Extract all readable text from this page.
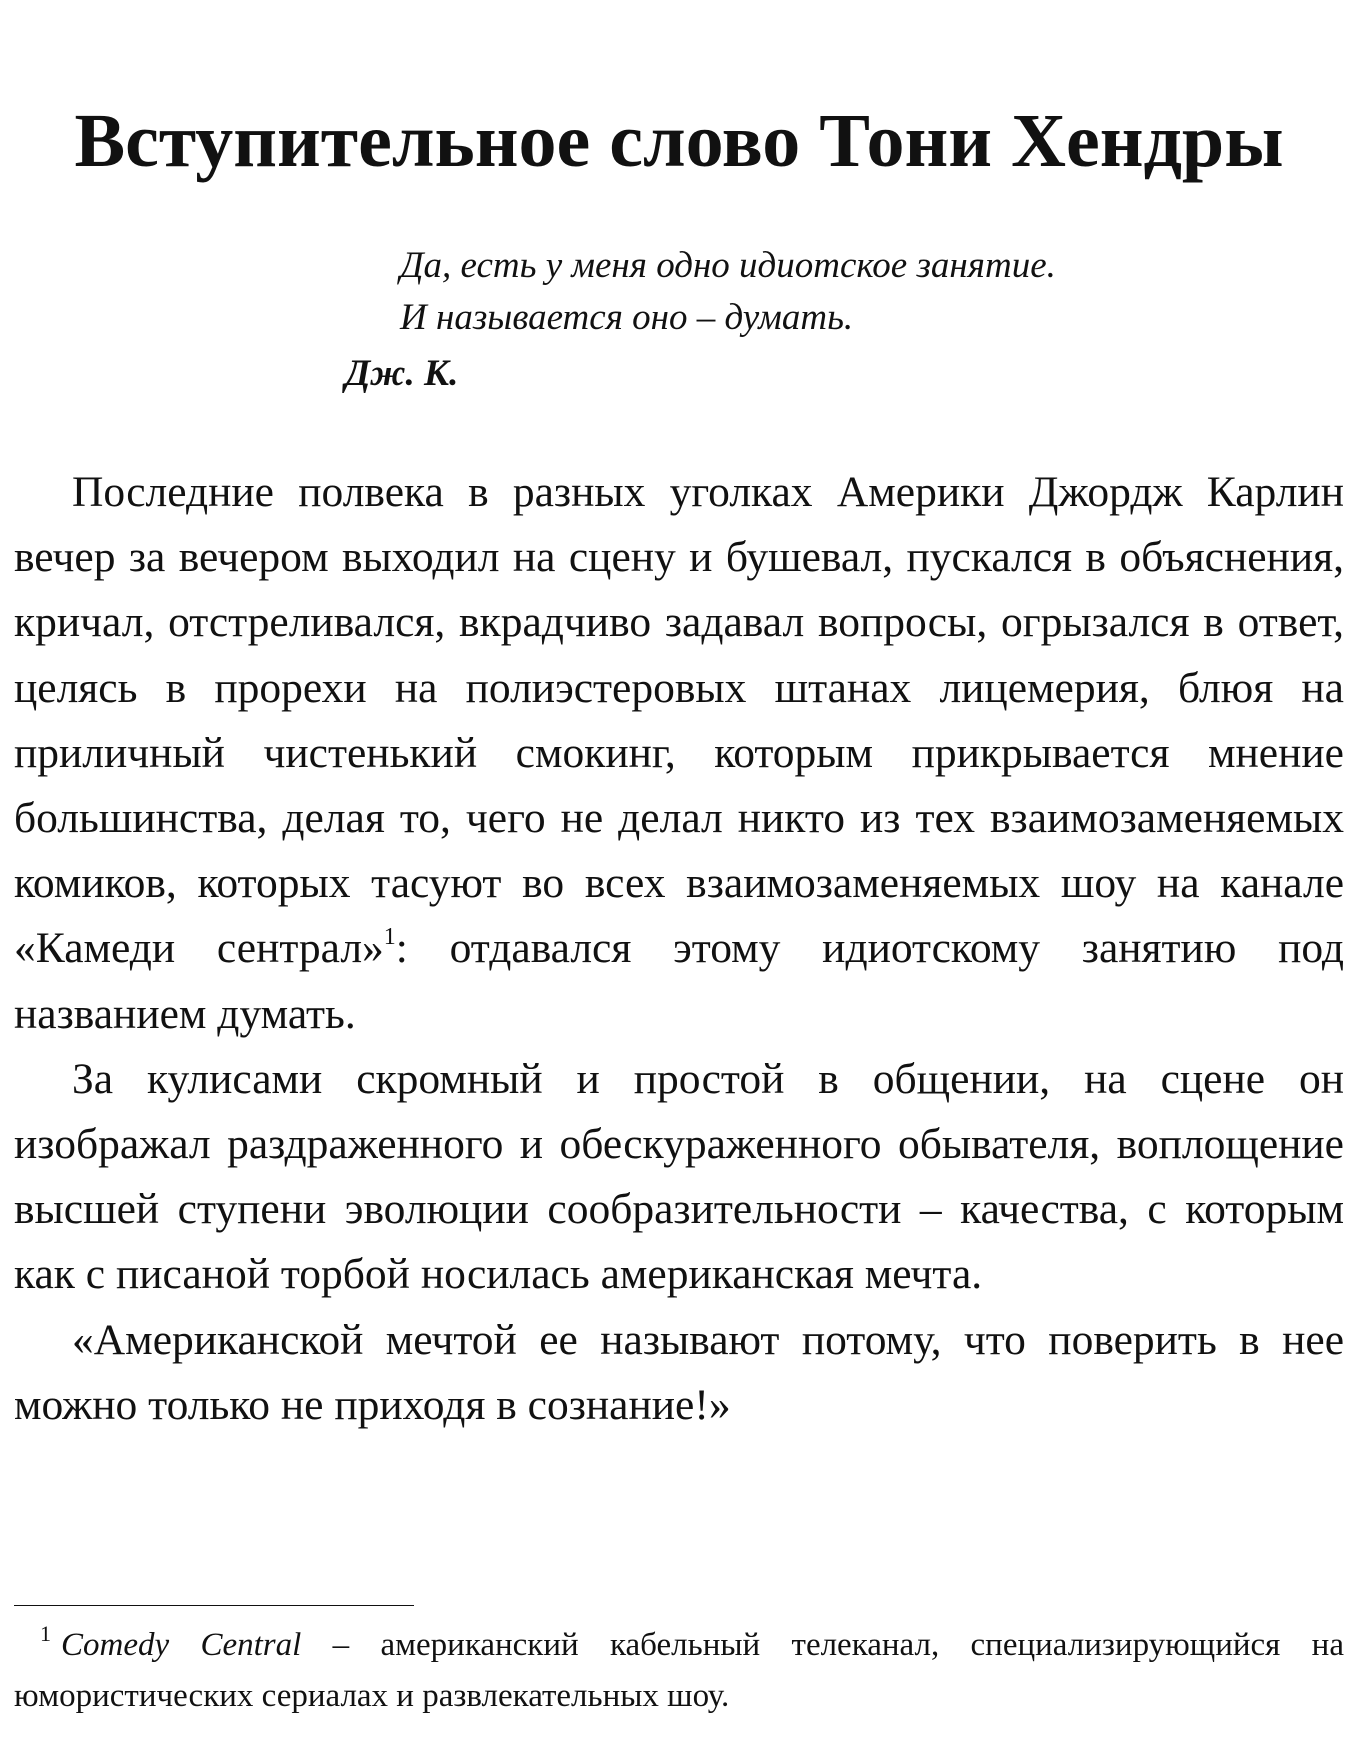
Вступительное слово Тони Хендры
Да, есть у меня одно идиотское занятие.
И называется оно – думать.
Дж. К.

Последние полвека в разных уголках Америки Джордж Карлин вечер за вечером выходил на сцену и бушевал, пускался в объяснения, кричал, отстреливался, вкрадчиво задавал вопросы, огрызался в ответ, целясь в прорехи на полиэстеровых штанах лицемерия, блюя на приличный чистенький смокинг, которым прикрывается мнение большинства, делая то, чего не делал никто из тех взаимозаменяемых комиков, которых тасуют во всех взаимозаменяемых шоу на канале «Камеди сентрал»$^1$: отдавался этому идиотскому занятию под названием думать.

За кулисами скромный и простой в общении, на сцене он изображал раздраженного и обескураженного обывателя, воплощение высшей ступени эволюции сообразительности – качества, с которым как с писаной торбой носилась американская мечта.

«Американской мечтой ее называют потому, что поверить в нее можно только не приходя в сознание!»

$^1$ Comedy Central – американский кабельный телеканал, специализирующийся на юмористических сериалах и развлекательных шоу.
